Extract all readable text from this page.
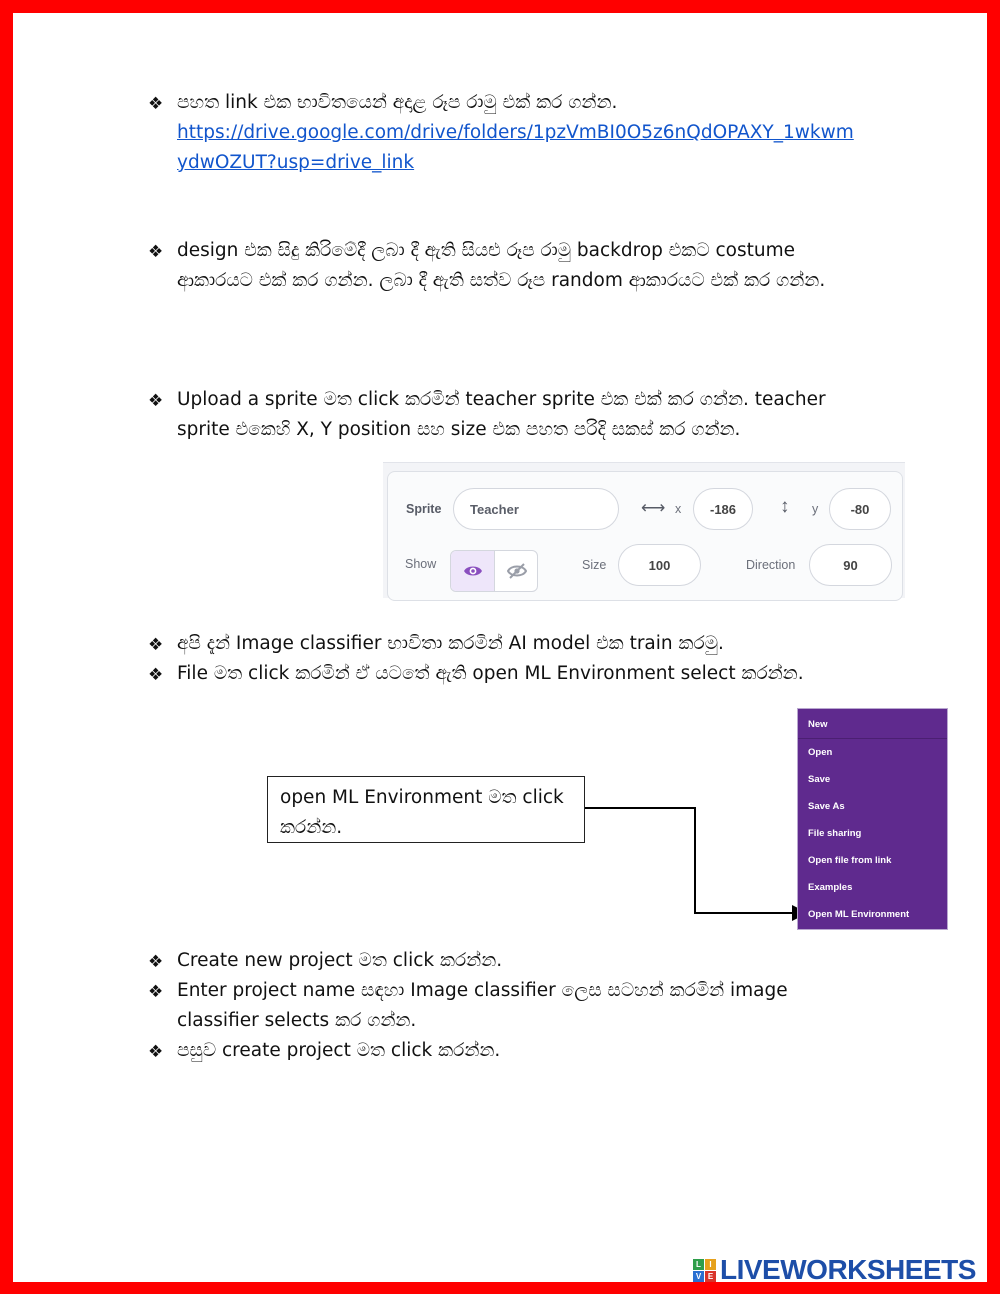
❖ පහත link එක භාවිතයෙන් අදාළ රූප රාමු එක් කර ගන්න.
https://drive.google.com/drive/folders/1pzVmBI0O5z6nQdOPAXY_1wkwm
ydwOZUT?usp=drive_link
❖ design එක සිදු කිරිමේදී ලබා දී ඇති සියළු රූප රාමු backdrop එකට costume ආකාරයට එක් කර ගන්න. ලබා දී ඇති සත්ව රූප random ආකාරයට එක් කර ගන්න.
❖ Upload a sprite මත click කරමින් teacher sprite එක එක් කර ගන්න. teacher sprite එකෙහි X, Y position සහ size එක පහත පරිදි සකස් කර ගන්න.
Sprite	Teacher	⟷ x	-186	↕ y	-80
Show	Size	100	Direction	90
❖ අපි දැන් Image classifier භාවිතා කරමින් AI model එක train කරමු.
❖ File මත click කරමින් ඒ යටතේ ඇති open ML Environment select කරන්න.
open ML Environment මත click කරන්න.
New
Open
Save
Save As
File sharing
Open file from link
Examples
Open ML Environment
❖ Create new project මත click කරන්න.
❖ Enter project name සඳහා Image classifier ලෙස සටහන් කරමින් image classifier selects කර ගන්න.
❖ පසුව create project මත click කරන්න.
L	I
V E LIVEWORKSHEETS
